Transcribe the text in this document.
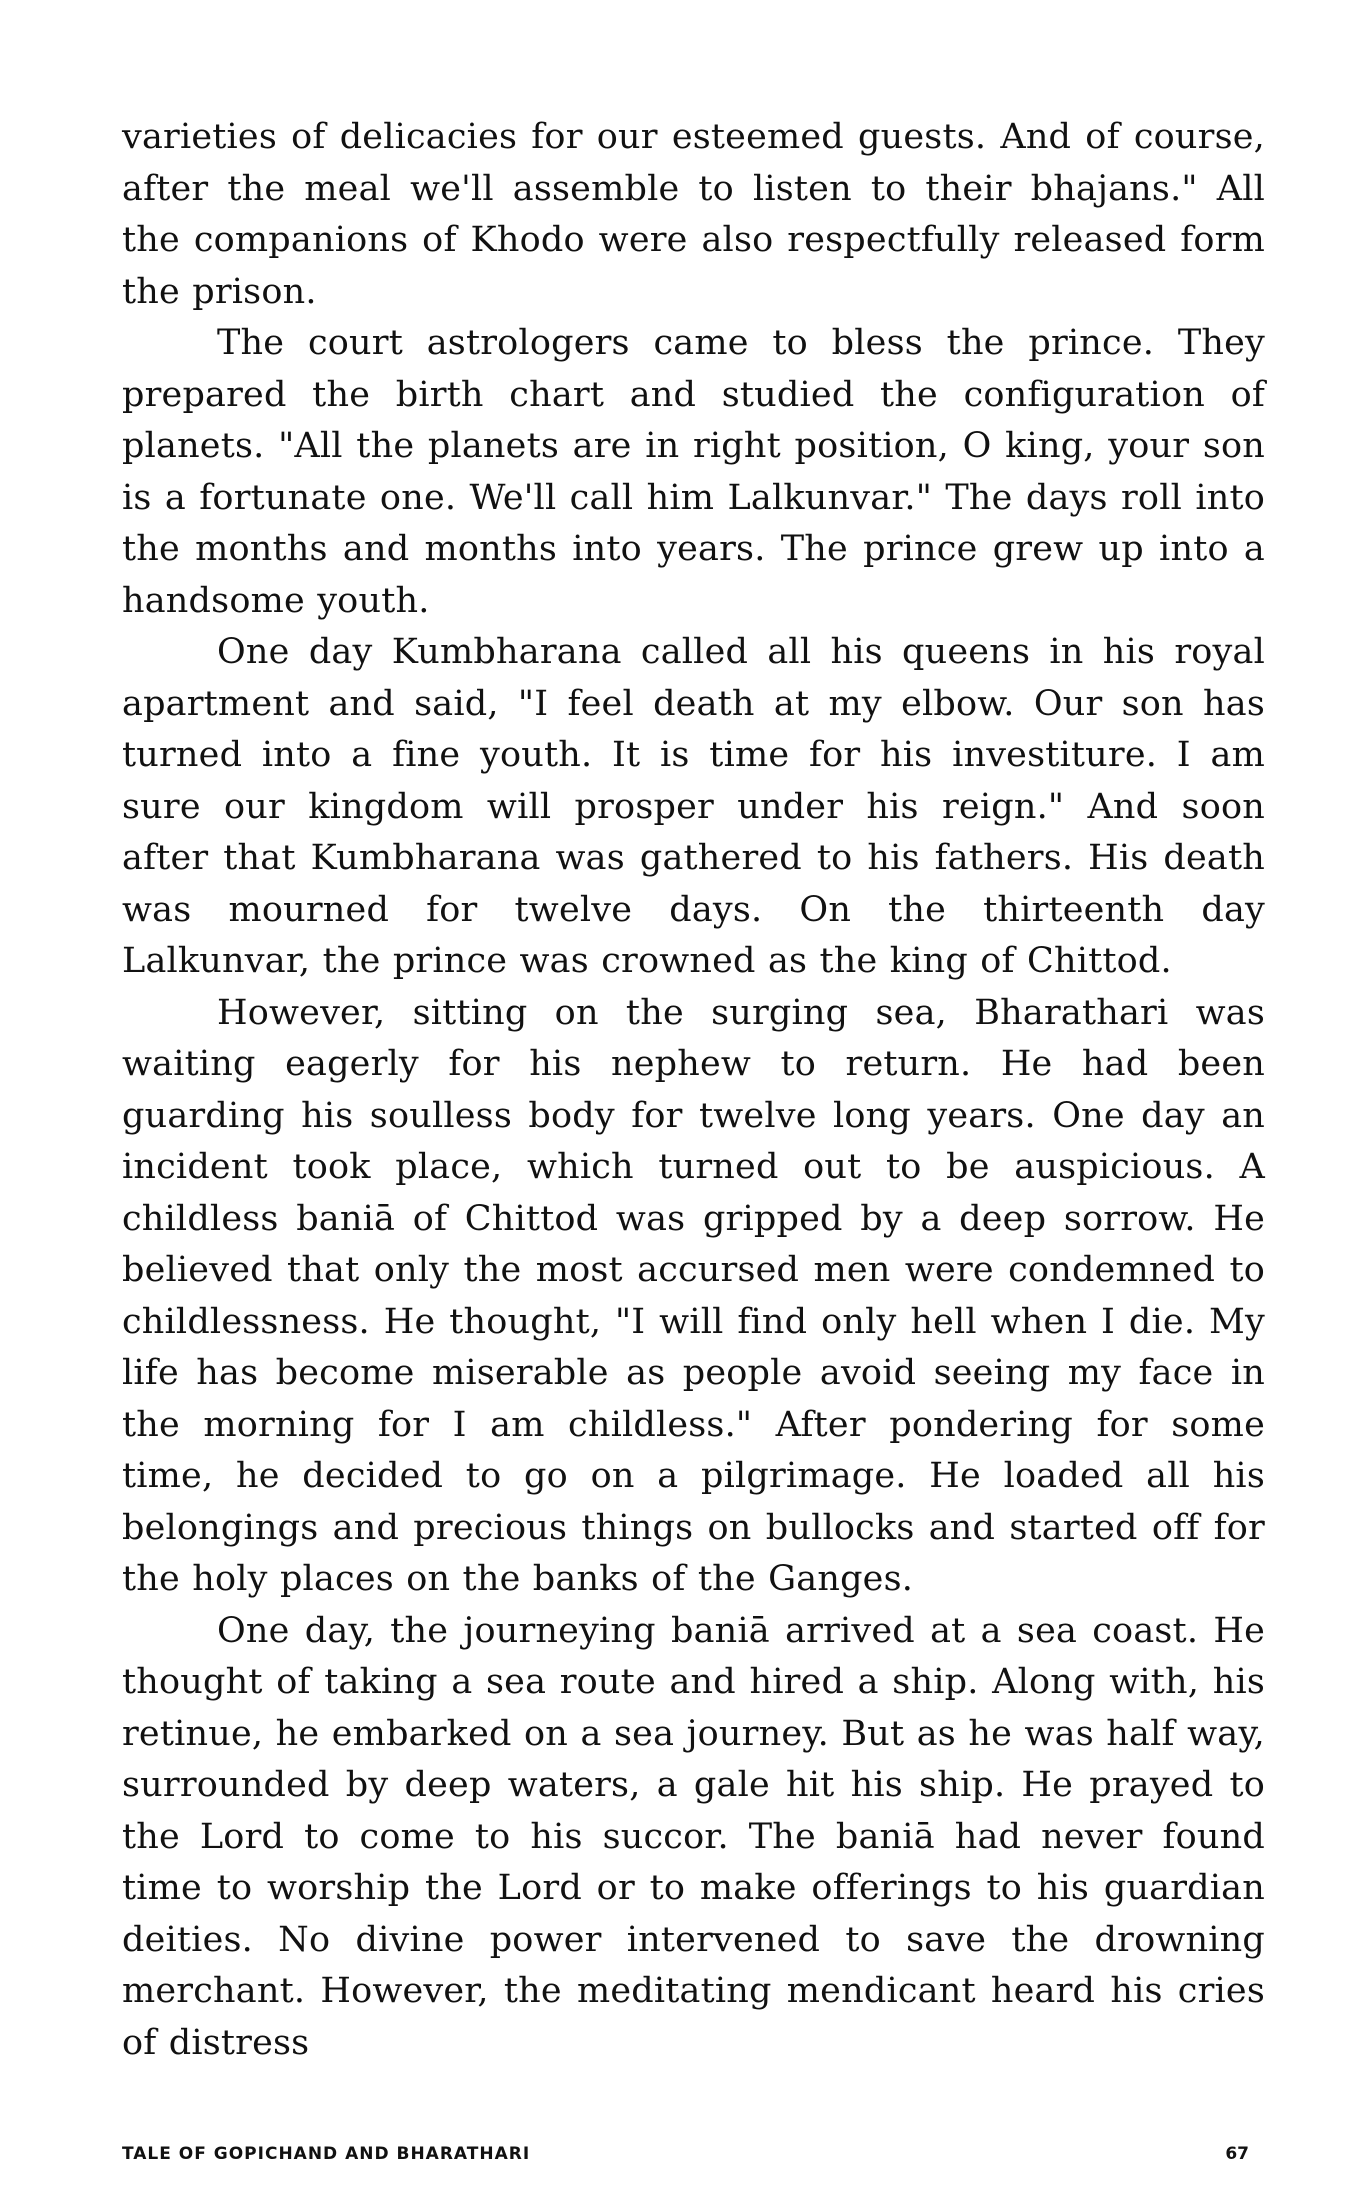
varieties of delicacies for our esteemed guests. And of course, after the meal we'll assemble to listen to their bhajans." All the companions of Khodo were also respectfully released form the prison.

The court astrologers came to bless the prince. They prepared the birth chart and studied the configuration of planets. "All the planets are in right position, O king, your son is a fortunate one. We'll call him Lalkunvar." The days roll into the months and months into years. The prince grew up into a handsome youth.

One day Kumbharana called all his queens in his royal apartment and said, "I feel death at my elbow. Our son has turned into a fine youth. It is time for his investiture. I am sure our kingdom will prosper under his reign." And soon after that Kumbharana was gathered to his fathers. His death was mourned for twelve days. On the thirteenth day Lalkunvar, the prince was crowned as the king of Chittod.

However, sitting on the surging sea, Bharathari was waiting eagerly for his nephew to return. He had been guarding his soulless body for twelve long years. One day an incident took place, which turned out to be auspicious. A childless baniā of Chittod was gripped by a deep sorrow. He believed that only the most accursed men were condemned to childlessness. He thought, "I will find only hell when I die. My life has become miserable as people avoid seeing my face in the morning for I am childless." After pondering for some time, he decided to go on a pilgrimage. He loaded all his belongings and precious things on bullocks and started off for the holy places on the banks of the Ganges.

One day, the journeying baniā arrived at a sea coast. He thought of taking a sea route and hired a ship. Along with, his retinue, he embarked on a sea journey. But as he was half way, surrounded by deep waters, a gale hit his ship. He prayed to the Lord to come to his succor. The baniā had never found time to worship the Lord or to make offerings to his guardian deities. No divine power intervened to save the drowning merchant. However, the meditating mendicant heard his cries of distress

TALE OF GOPICHAND AND BHARATHARI	67
